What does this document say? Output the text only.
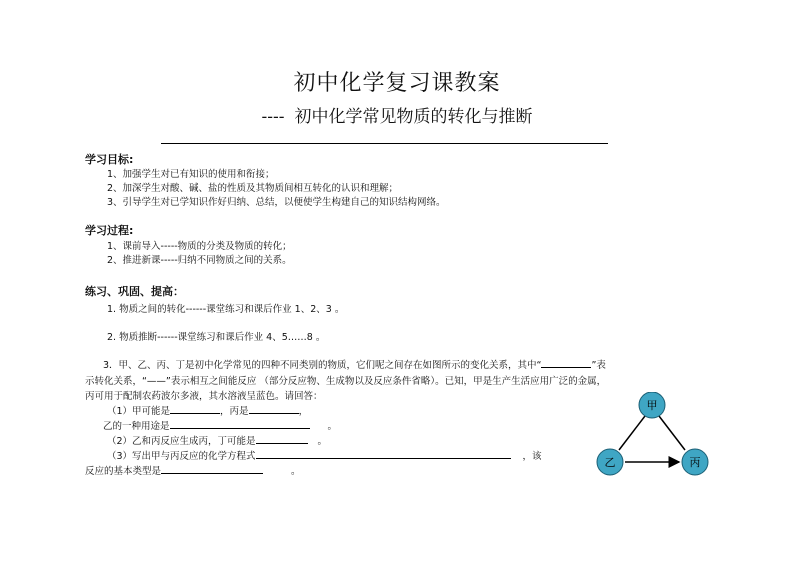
初中化学复习课教案
---- 初中化学常见物质的转化与推断
学习目标:
1、加强学生对已有知识的使用和衔接；
2、加深学生对酸、碱、盐的性质及其物质间相互转化的认识和理解；
3、引导学生对已学知识作好归纳、总结，以便使学生构建自己的知识结构网络。
学习过程:
1、课前导入-----物质的分类及物质的转化；
2、推进新课-----归纳不同物质之间的关系。
练习、巩固、提高：
1. 物质之间的转化------课堂练习和课后作业 1、2、3 。
2. 物质推断------课堂练习和课后作业 4、5……8 。
3．甲、乙、丙、丁是初中化学常见的四种不同类别的物质，它们呢之间存在如图所示的变化关系，其中“	”表
示转化关系，“——”表示相互之间能反应 （部分反应物、生成物以及反应条件省略）。已知，甲是生产生活应用广泛的金属，
丙可用于配制农药波尔多液，其水溶液呈蓝色。请回答：
（1）甲可能是	，丙是	，
乙的一种用途是	。
（2）乙和丙反应生成丙，丁可能是	。
（3）写出甲与丙反应的化学方程式	，该
反应的基本类型是	。
甲
乙	丙
